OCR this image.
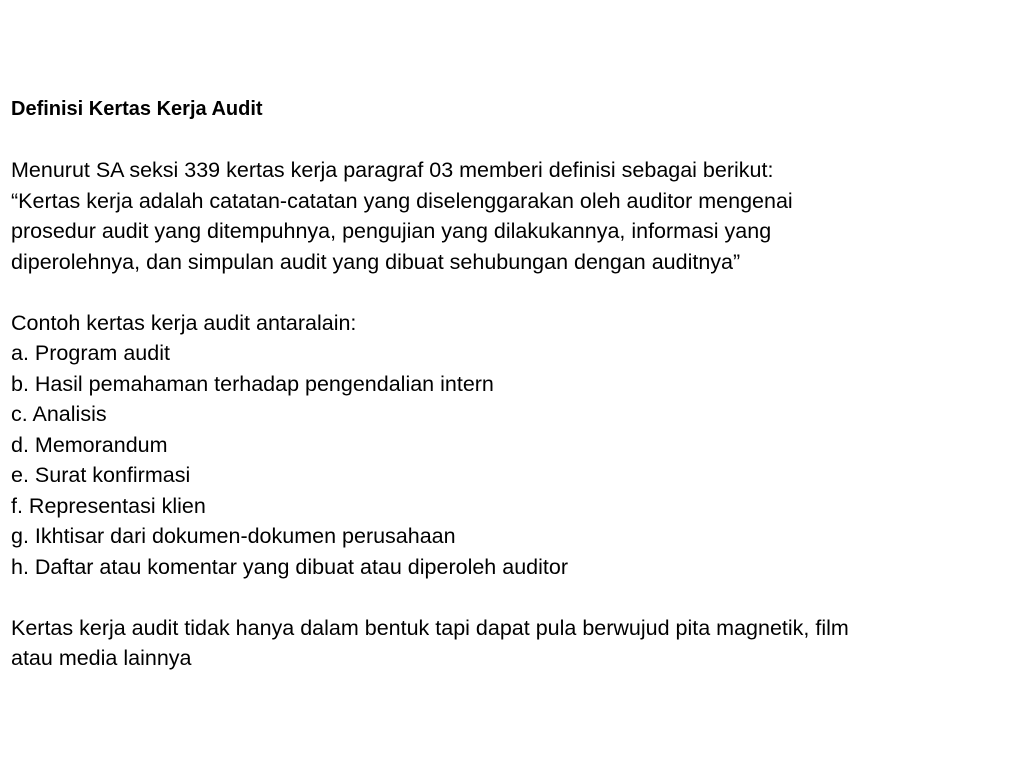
Definisi Kertas Kerja Audit

Menurut SA seksi 339 kertas kerja paragraf 03 memberi definisi sebagai berikut:

“Kertas kerja adalah catatan-catatan yang diselenggarakan oleh auditor mengenai

prosedur audit yang ditempuhnya, pengujian yang dilakukannya, informasi yang

diperolehnya, dan simpulan audit yang dibuat sehubungan dengan auditnya”

Contoh kertas kerja audit antaralain:

a. Program audit

b. Hasil pemahaman terhadap pengendalian intern

c. Analisis

d. Memorandum

e. Surat konfirmasi

f. Representasi klien

g. Ikhtisar dari dokumen-dokumen perusahaan

h. Daftar atau komentar yang dibuat atau diperoleh auditor

Kertas kerja audit tidak hanya dalam bentuk tapi dapat pula berwujud pita magnetik, film

atau media lainnya
